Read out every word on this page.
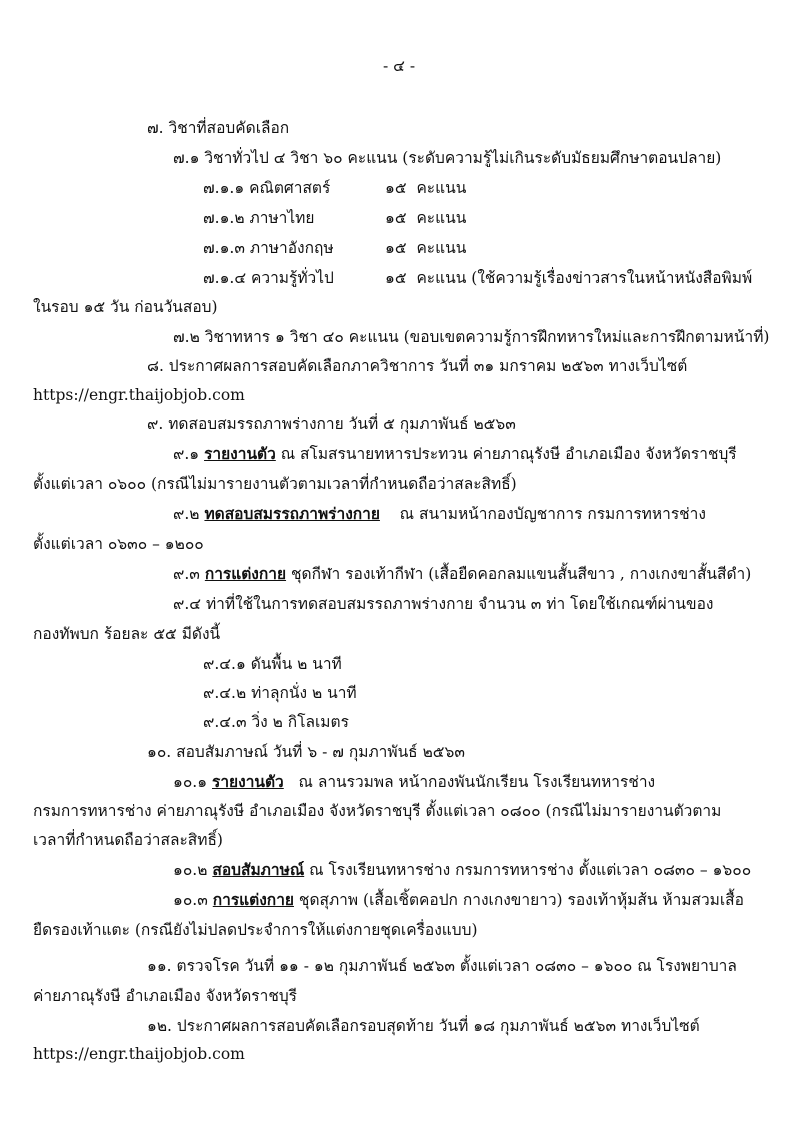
- ๔ -
๗. วิชาที่สอบคัดเลือก
๗.๑ วิชาทั่วไป ๔ วิชา ๖๐ คะแนน (ระดับความรู้ไม่เกินระดับมัธยมศึกษาตอนปลาย)
๗.๑.๑ คณิตศาสตร์	๑๕ คะแนน
๗.๑.๒ ภาษาไทย	๑๕ คะแนน
๗.๑.๓ ภาษาอังกฤษ	๑๕ คะแนน
๗.๑.๔ ความรู้ทั่วไป	๑๕ คะแนน (ใช้ความรู้เรื่องข่าวสารในหน้าหนังสือพิมพ์
ในรอบ ๑๕ วัน ก่อนวันสอบ)
๗.๒ วิชาทหาร ๑ วิชา ๔๐ คะแนน (ขอบเขตความรู้การฝึกทหารใหม่และการฝึกตามหน้าที่)
๘. ประกาศผลการสอบคัดเลือกภาควิชาการ วันที่ ๓๑ มกราคม ๒๕๖๓ ทางเว็บไซต์
https://engr.thaijobjob.com
๙. ทดสอบสมรรถภาพร่างกาย วันที่ ๕ กุมภาพันธ์ ๒๕๖๓
๙.๑ รายงานตัว ณ สโมสรนายทหารประทวน ค่ายภาณุรังษี อำเภอเมือง จังหวัดราชบุรี
ตั้งแต่เวลา ๐๖๐๐ (กรณีไม่มารายงานตัวตามเวลาที่กำหนดถือว่าสละสิทธิ์)
๙.๒ ทดสอบสมรรถภาพร่างกาย ณ สนามหน้ากองบัญชาการ กรมการทหารช่าง
ตั้งแต่เวลา ๐๖๓๐ – ๑๒๐๐
๙.๓ การแต่งกาย ชุดกีฬา รองเท้ากีฬา (เสื้อยืดคอกลมแขนสั้นสีขาว , กางเกงขาสั้นสีดำ)
๙.๔ ท่าที่ใช้ในการทดสอบสมรรถภาพร่างกาย จำนวน ๓ ท่า โดยใช้เกณฑ์ผ่านของ
กองทัพบก ร้อยละ ๕๕ มีดังนี้
๙.๔.๑ ดันพื้น ๒ นาที
๙.๔.๒ ท่าลุกนั่ง ๒ นาที
๙.๔.๓ วิ่ง ๒ กิโลเมตร
๑๐. สอบสัมภาษณ์ วันที่ ๖ - ๗ กุมภาพันธ์ ๒๕๖๓
๑๐.๑ รายงานตัว ณ ลานรวมพล หน้ากองพันนักเรียน โรงเรียนทหารช่าง
กรมการทหารช่าง ค่ายภาณุรังษี อำเภอเมือง จังหวัดราชบุรี ตั้งแต่เวลา ๐๘๐๐ (กรณีไม่มารายงานตัวตาม
เวลาที่กำหนดถือว่าสละสิทธิ์)
๑๐.๒ สอบสัมภาษณ์ ณ โรงเรียนทหารช่าง กรมการทหารช่าง ตั้งแต่เวลา ๐๘๓๐ – ๑๖๐๐
๑๐.๓ การแต่งกาย ชุดสุภาพ (เสื้อเชิ้ตคอปก กางเกงขายาว) รองเท้าหุ้มส้น ห้ามสวมเสื้อ
ยืดรองเท้าแตะ (กรณียังไม่ปลดประจำการให้แต่งกายชุดเครื่องแบบ)
๑๑. ตรวจโรค วันที่ ๑๑ - ๑๒ กุมภาพันธ์ ๒๕๖๓ ตั้งแต่เวลา ๐๘๓๐ – ๑๖๐๐ ณ โรงพยาบาล
ค่ายภาณุรังษี อำเภอเมือง จังหวัดราชบุรี
๑๒. ประกาศผลการสอบคัดเลือกรอบสุดท้าย วันที่ ๑๘ กุมภาพันธ์ ๒๕๖๓ ทางเว็บไซต์
https://engr.thaijobjob.com
